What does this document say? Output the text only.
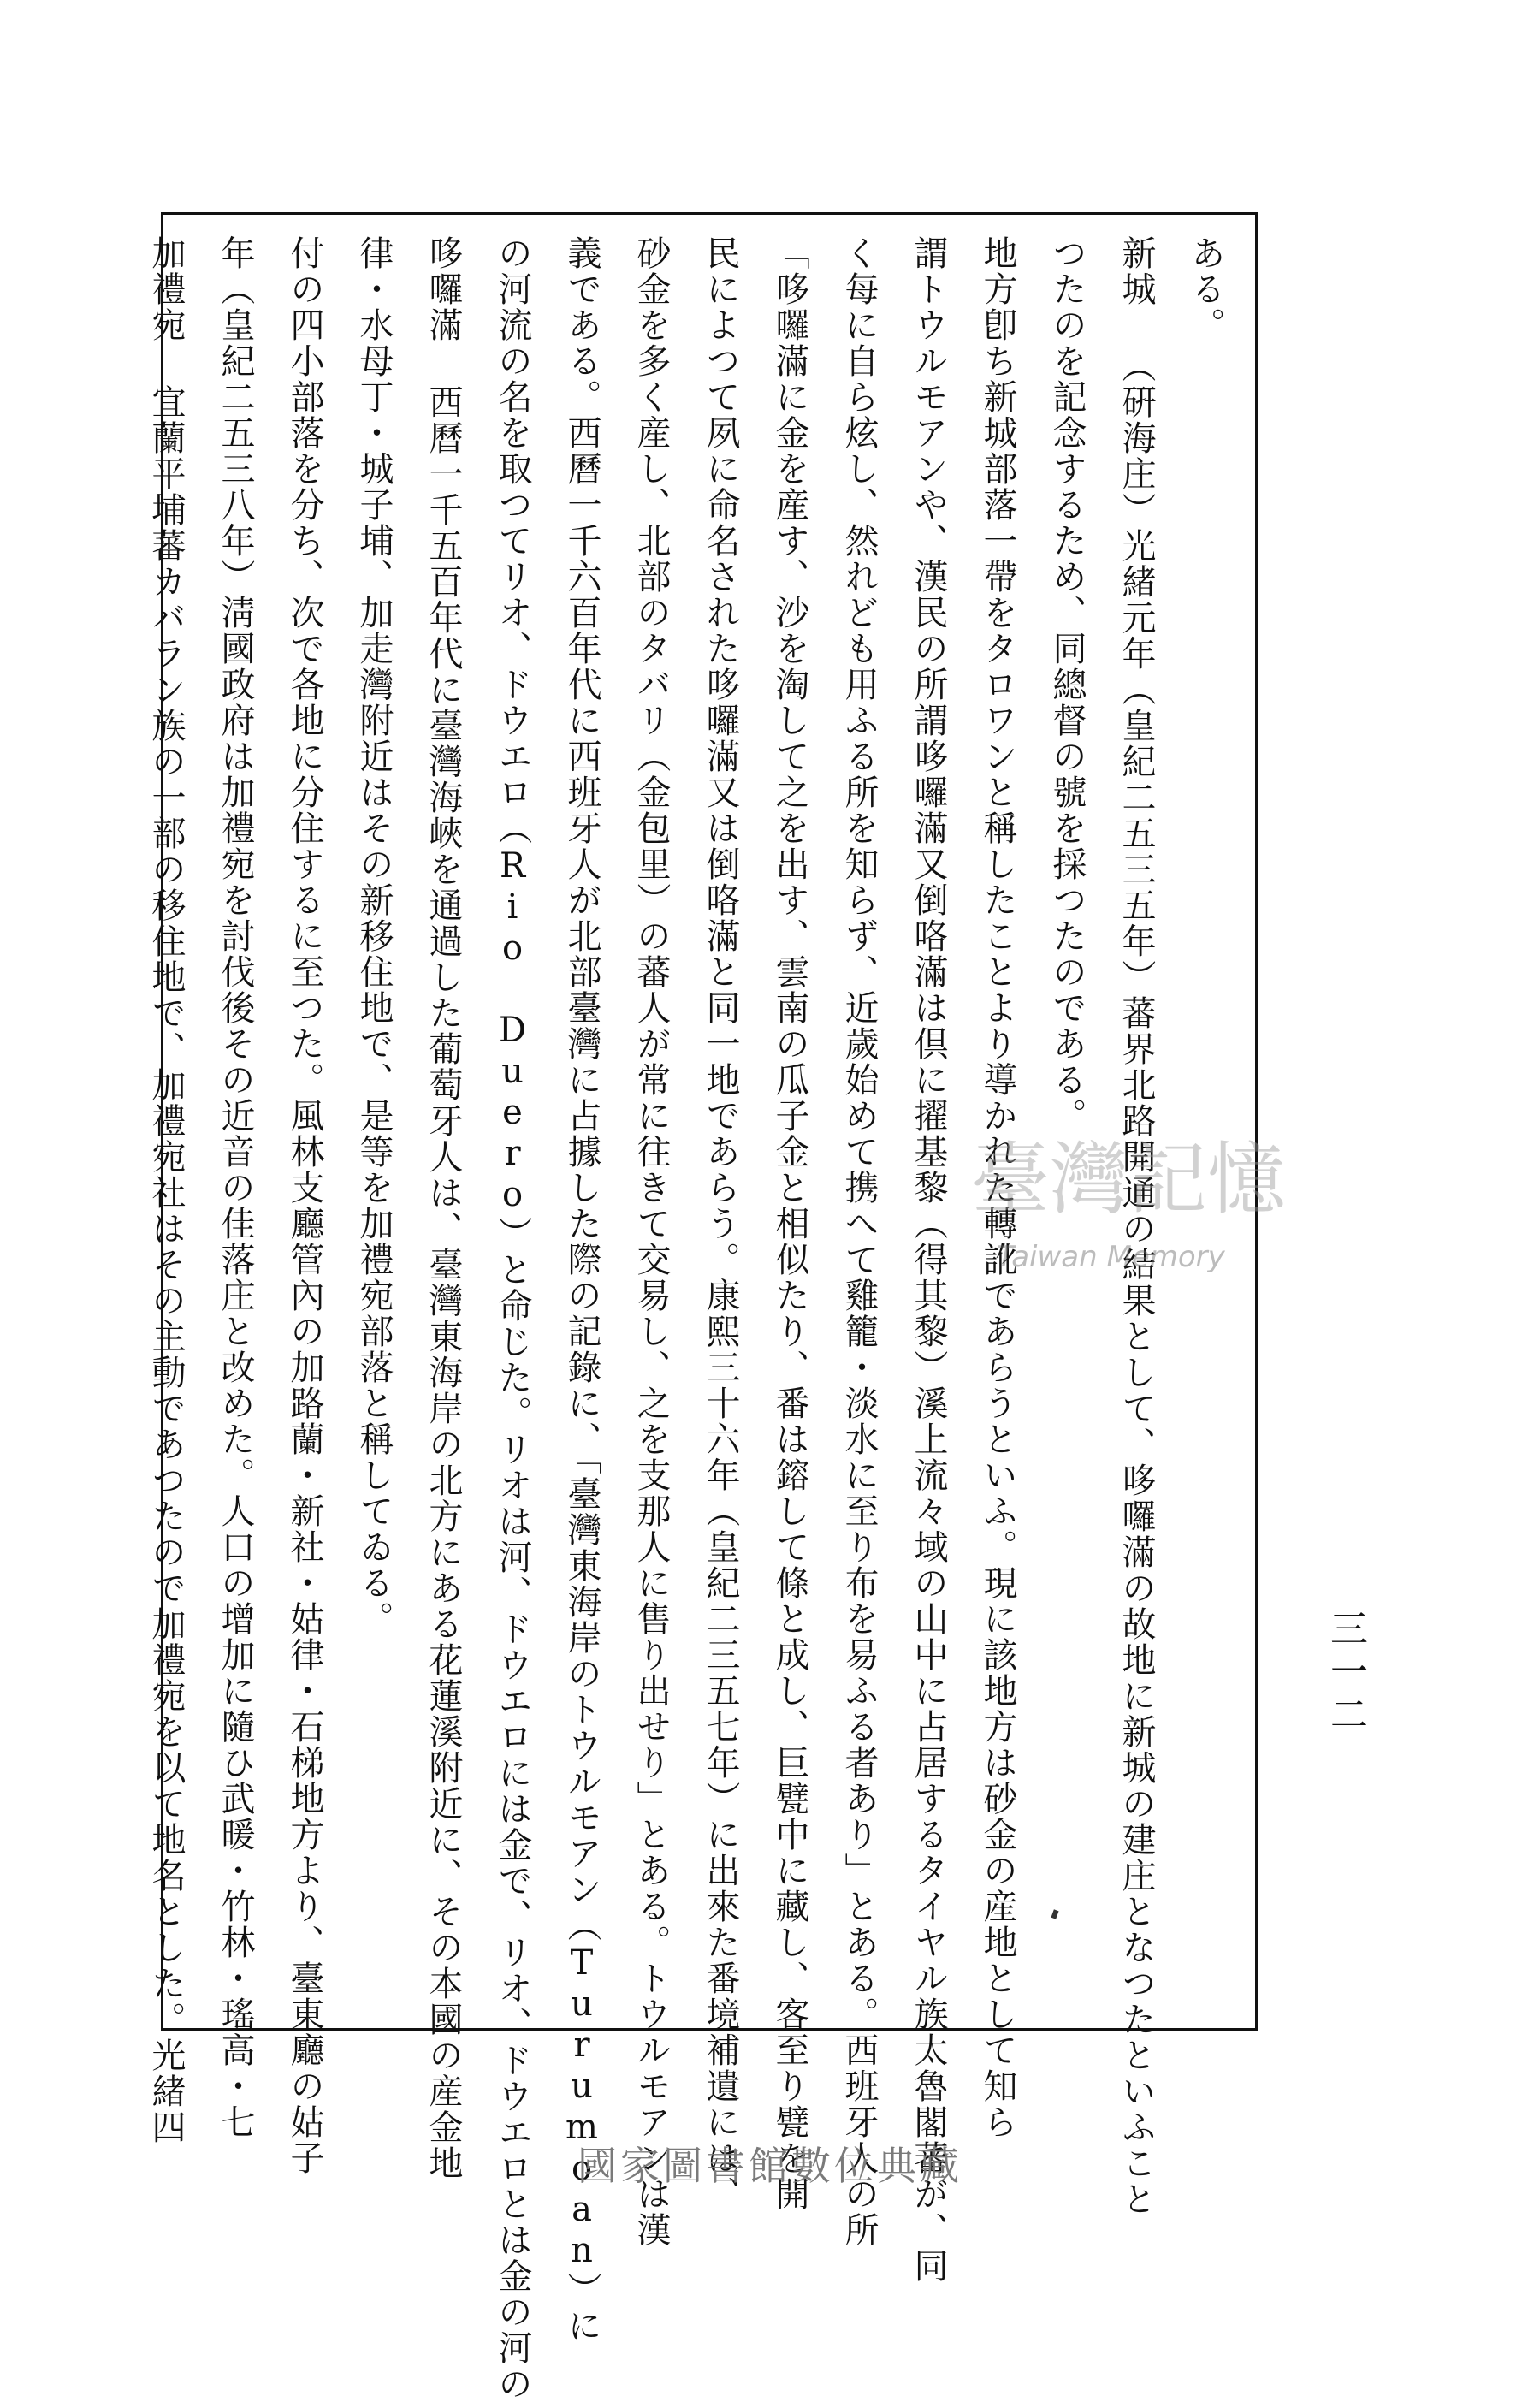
三一二
ある。
新城 （硏海庄）光緒元年（皇紀二五三五年）蕃界北路開通の結果として、哆囉滿の故地に新城の建庄となつたといふこと
つたのを記念するため、同總督の號を採つたのである。
地方卽ち新城部落一帶をタロワンと稱したことより導かれた轉訛であらうといふ。現に該地方は砂金の産地として知ら
謂トウルモアンや、漢民の所謂哆囉滿又倒咯滿は倶に擢基黎（得其黎）溪上流々域の山中に占居するタイヤル族太魯閣蕃が、同
く每に自ら炫し、然れども用ふる所を知らず、近歲始めて携へて雞籠・淡水に至り布を易ふる者あり」とある。西班牙人の所
「哆囉滿に金を産す、沙を淘して之を出す、雲南の瓜子金と相似たり、番は鎔して條と成し、巨甓中に藏し、客至り甓を開
民によつて夙に命名された哆囉滿又は倒咯滿と同一地であらう。康熙三十六年（皇紀二三五七年）に出來た番境補遺には、
砂金を多く産し、北部のタバリ（金包里）の蕃人が常に往きて交易し、之を支那人に售り出せり」とある。トウルモアンは漢
義である。西曆一千六百年代に西班牙人が北部臺灣に占據した際の記錄に、「臺灣東海岸のトウルモアン（Turumoan）に
の河流の名を取つてリオ、ドウエロ（Rio Duero）と命じた。リオは河、ドウエロには金で、リオ、ドウエロとは金の河の
哆囉滿 西曆一千五百年代に臺灣海峽を通過した葡萄牙人は、臺灣東海岸の北方にある花蓮溪附近に、その本國の産金地
律・水母丁・城子埔、加走灣附近はその新移住地で、是等を加禮宛部落と稱してゐる。
付の四小部落を分ち、次で各地に分住するに至つた。風林支廳管內の加路蘭・新社・姑律・石梯地方より、臺東廳の姑子
年（皇紀二五三八年）淸國政府は加禮宛を討伐後その近音の佳落庄と改めた。人口の增加に隨ひ武暖・竹林・瑤高・七
加禮宛 宜蘭平埔蕃カバラン族の一部の移住地で、加禮宛社はその主動であつたので加禮宛を以て地名とした。光緒四	臺灣記憶
Taiwan Memory
國家圖書館數位典藏
